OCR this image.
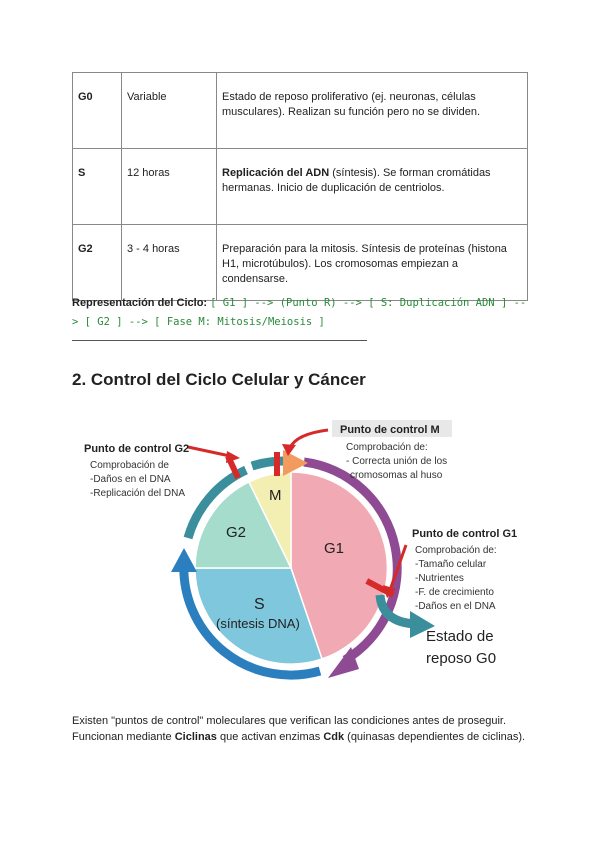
G0	Variable	Estado de reposo proliferativo (ej. neuronas, células musculares). Realizan su función pero no se dividen.
S	12 horas	Replicación del ADN (síntesis). Se forman cromátidas hermanas. Inicio de duplicación de centriolos.
G2	3 - 4 horas	Preparación para la mitosis. Síntesis de proteínas (histona H1, microtúbulos). Los cromosomas empiezan a condensarse.
Representación del Ciclo: [ G1 ] --> (Punto R) --> [ S: Duplicación ADN ] --> [ G2 ] --> [ Fase M: Mitosis/Meiosis ]
2. Control del Ciclo Celular y Cáncer
G1
G2
M
S
(síntesis DNA)
Punto de control G2
Comprobación de
-Daños en el DNA
-Replicación del DNA
Punto de control M
Comprobación de:
- Correcta unión de los
cromosomas al huso
Punto de control G1
Comprobación de:
-Tamaño celular
-Nutrientes
-F. de crecimiento
-Daños en el DNA
Estado de
reposo G0
Existen "puntos de control" moleculares que verifican las condiciones antes de proseguir. Funcionan mediante Ciclinas que activan enzimas Cdk (quinasas dependientes de ciclinas).
